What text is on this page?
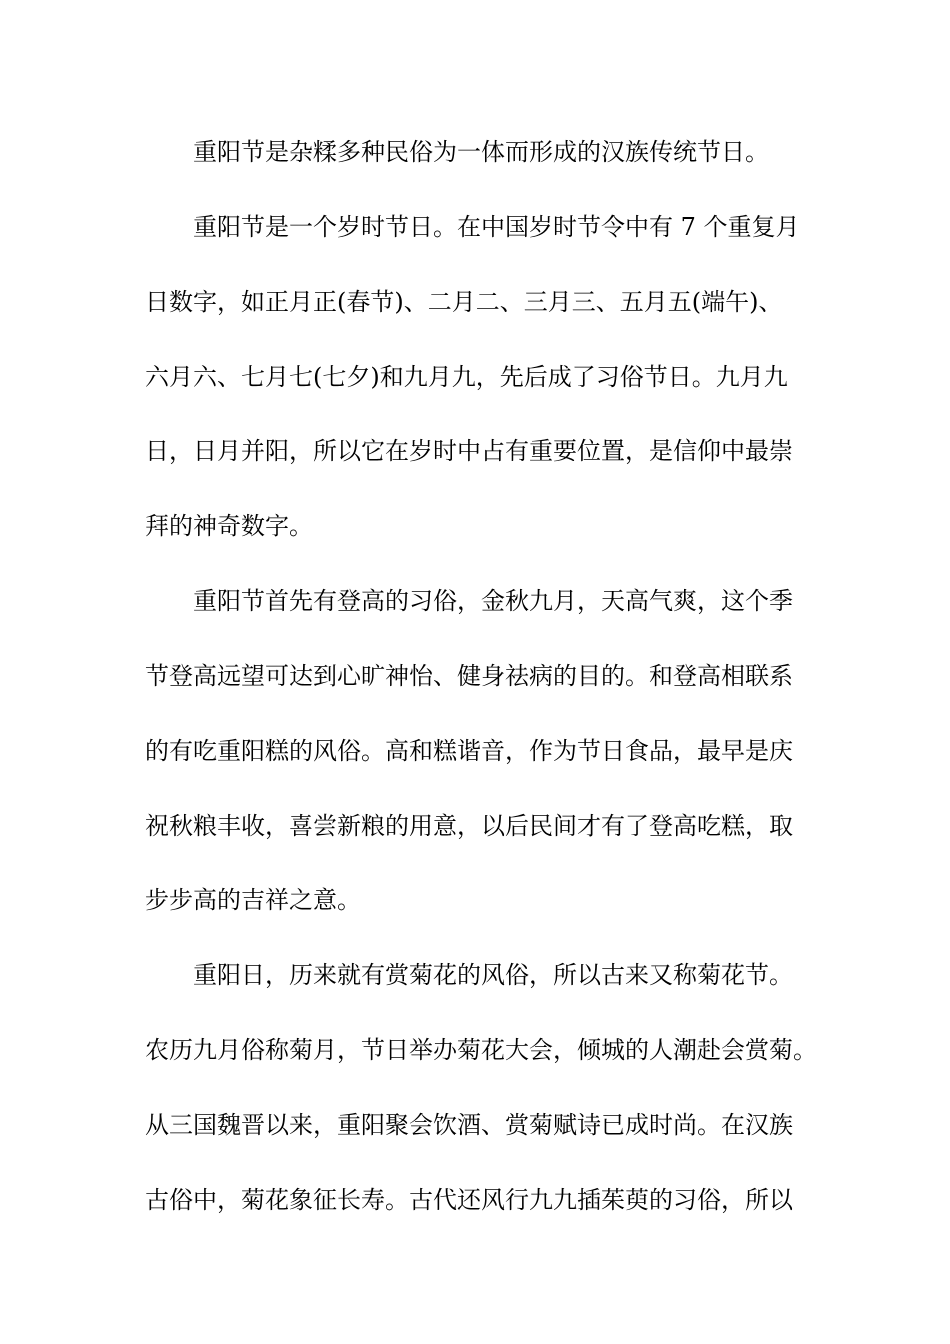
重阳节是杂糅多种民俗为一体而形成的汉族传统节日。

重阳节是一个岁时节日。在中国岁时节令中有 7 个重复月

日数字，如正月正(春节)、二月二、三月三、五月五(端午)、

六月六、七月七(七夕)和九月九，先后成了习俗节日。九月九

日，日月并阳，所以它在岁时中占有重要位置，是信仰中最崇

拜的神奇数字。

重阳节首先有登高的习俗，金秋九月，天高气爽，这个季

节登高远望可达到心旷神怡、健身祛病的目的。和登高相联系

的有吃重阳糕的风俗。高和糕谐音，作为节日食品，最早是庆

祝秋粮丰收，喜尝新粮的用意，以后民间才有了登高吃糕，取

步步高的吉祥之意。

重阳日，历来就有赏菊花的风俗，所以古来又称菊花节。

农历九月俗称菊月，节日举办菊花大会，倾城的人潮赴会赏菊。

从三国魏晋以来，重阳聚会饮酒、赏菊赋诗已成时尚。在汉族

古俗中，菊花象征长寿。古代还风行九九插茱萸的习俗，所以
